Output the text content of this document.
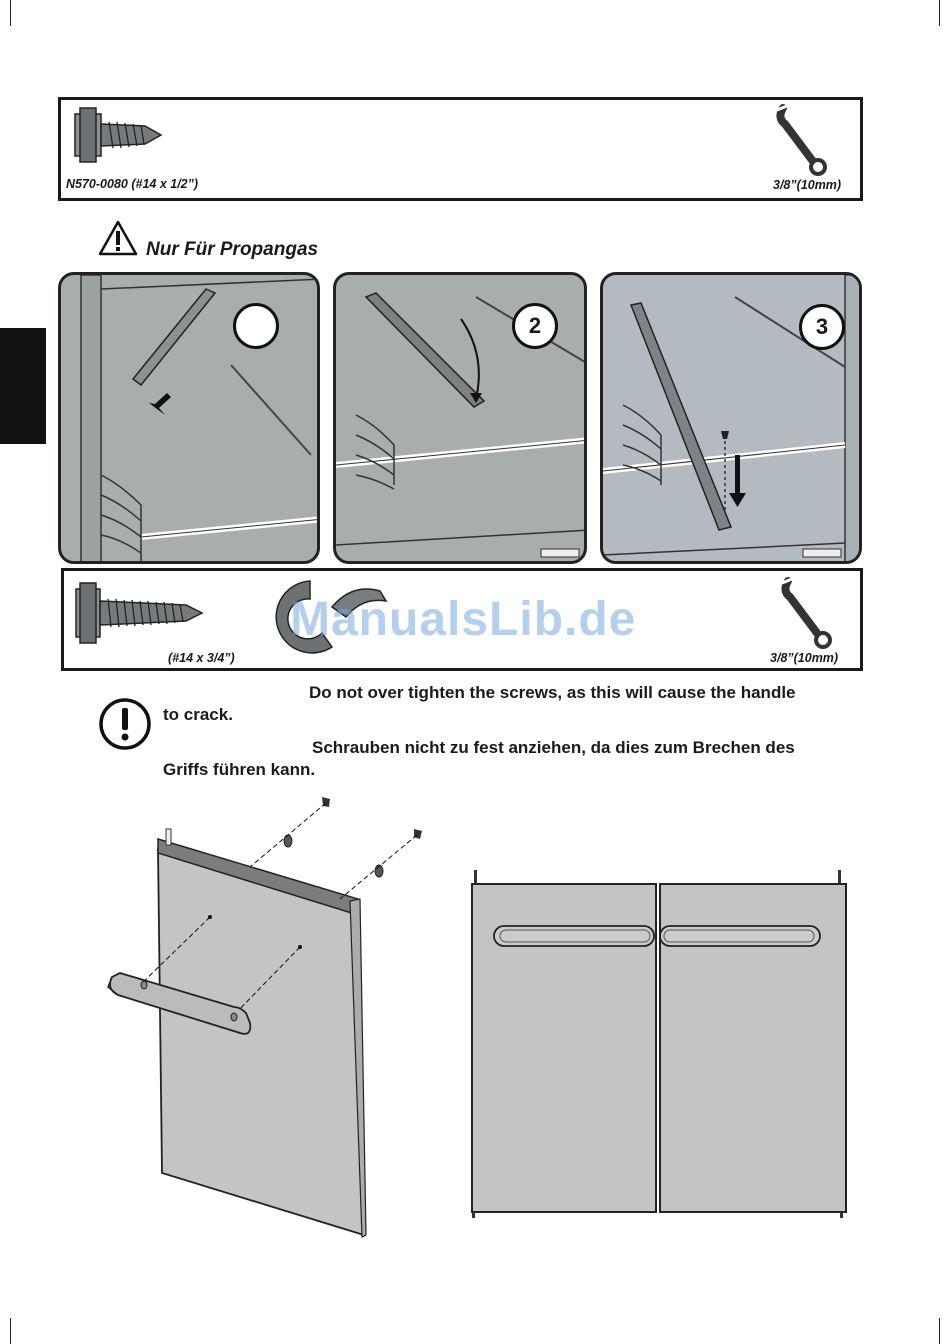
N570-0080 (#14 x 1/2”)	3/8”(10mm)
Nur Für Propangas
2	3
(#14 x 3/4”)	3/8”(10mm)
ManualsLib.de
Do not over tighten the screws, as this will cause the handle
to crack.
Schrauben nicht zu fest anziehen, da dies zum Brechen des
Griffs führen kann.
